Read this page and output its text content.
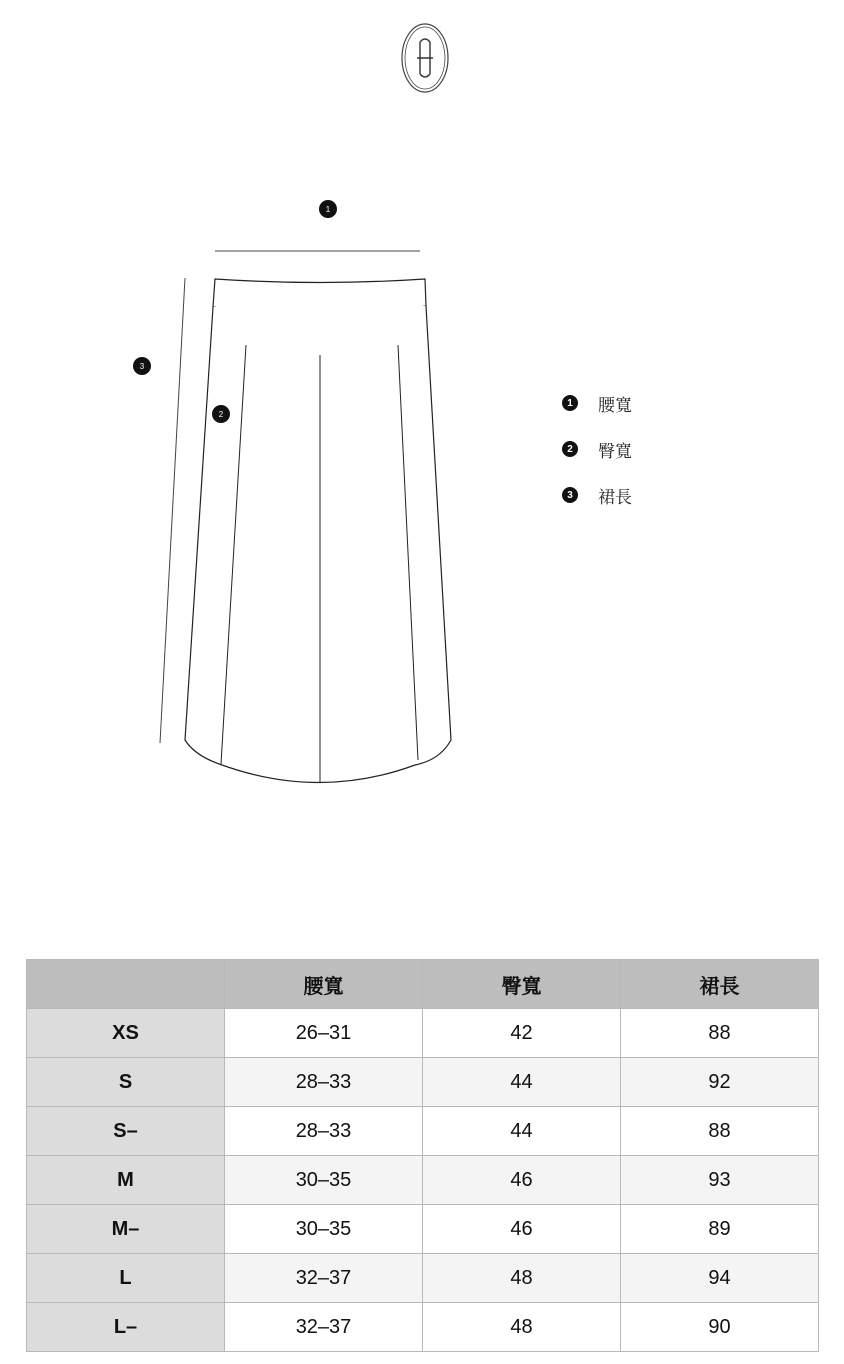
1
2
3
1	腰寬
2	臀寬
3	裙長
	腰寬	臀寬	裙長
XS	26–31	42	88
S	28–33	44	92
S–	28–33	44	88
M	30–35	46	93
M–	30–35	46	89
L	32–37	48	94
L–	32–37	48	90
